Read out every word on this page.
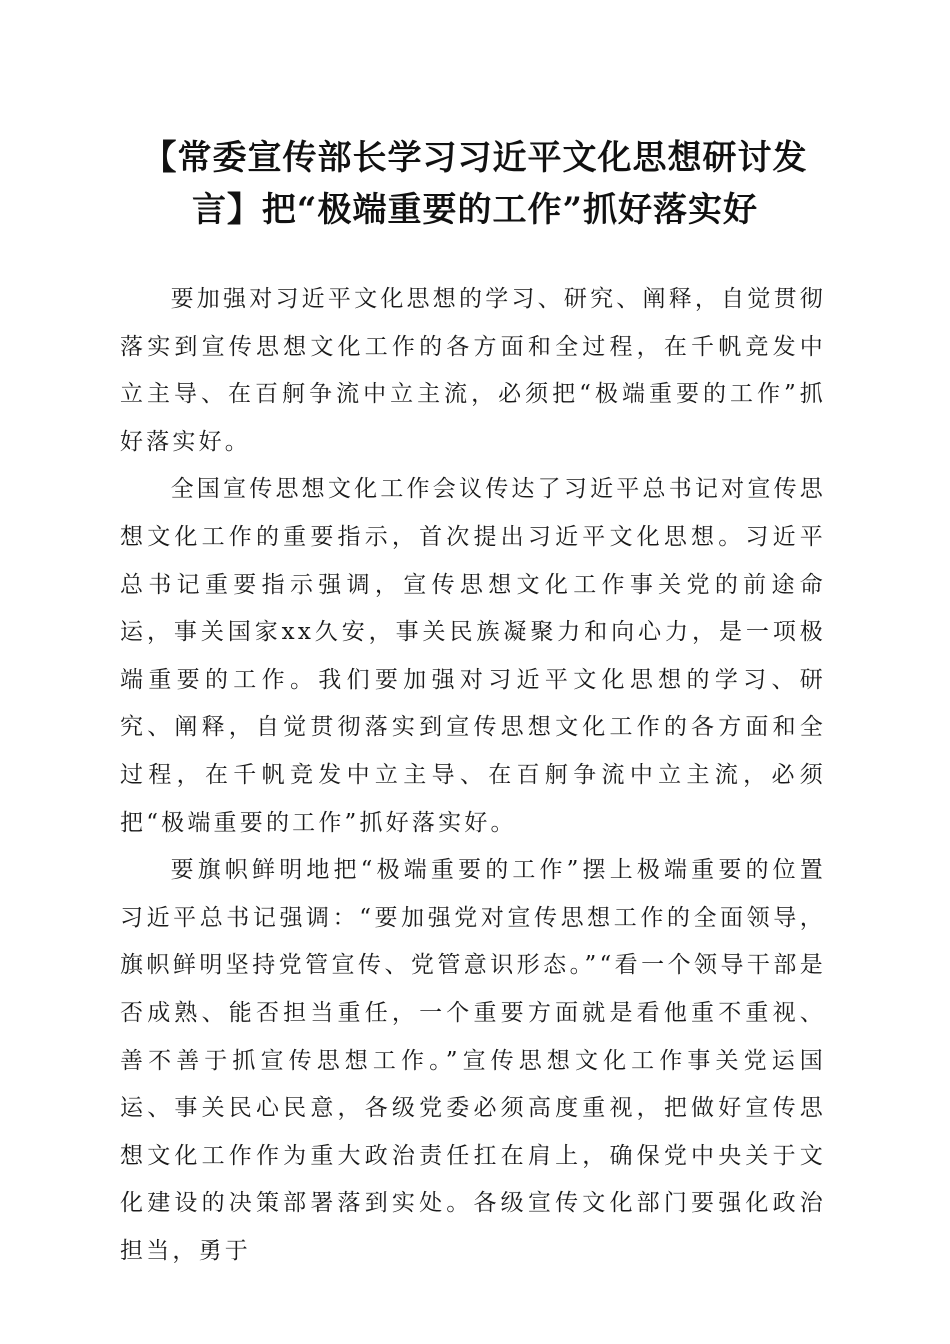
【常委宣传部长学习习近平文化思想研讨发言】把“极端重要的工作”抓好落实好

要加强对习近平文化思想的学习、研究、阐释，自觉贯彻落实到宣传思想文化工作的各方面和全过程，在千帆竞发中立主导、在百舸争流中立主流，必须把“极端重要的工作”抓好落实好。

全国宣传思想文化工作会议传达了习近平总书记对宣传思想文化工作的重要指示，首次提出习近平文化思想。习近平总书记重要指示强调，宣传思想文化工作事关党的前途命运，事关国家xx久安，事关民族凝聚力和向心力，是一项极端重要的工作。我们要加强对习近平文化思想的学习、研究、阐释，自觉贯彻落实到宣传思想文化工作的各方面和全过程，在千帆竞发中立主导、在百舸争流中立主流，必须把“极端重要的工作”抓好落实好。

要旗帜鲜明地把“极端重要的工作”摆上极端重要的位置习近平总书记强调：“要加强党对宣传思想工作的全面领导，旗帜鲜明坚持党管宣传、党管意识形态。”“看一个领导干部是否成熟、能否担当重任，一个重要方面就是看他重不重视、善不善于抓宣传思想工作。”宣传思想文化工作事关党运国运、事关民心民意，各级党委必须高度重视，把做好宣传思想文化工作作为重大政治责任扛在肩上，确保党中央关于文化建设的决策部署落到实处。各级宣传文化部门要强化政治担当，勇于
